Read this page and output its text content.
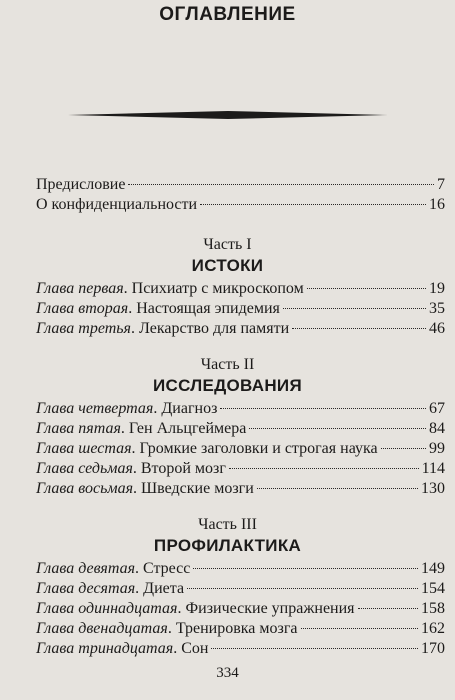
ОГЛАВЛЕНИЕ
Предисловие	7
О конфиденциальности	16
Часть I
ИСТОКИ
Глава первая. Психиатр с микроскопом	19
Глава вторая. Настоящая эпидемия	35
Глава третья. Лекарство для памяти	46
Часть II
ИССЛЕДОВАНИЯ
Глава четвертая. Диагноз	67
Глава пятая. Ген Альцгеймера	84
Глава шестая. Громкие заголовки и строгая наука	99
Глава седьмая. Второй мозг	114
Глава восьмая. Шведские мозги	130
Часть III
ПРОФИЛАКТИКА
Глава девятая. Стресс	149
Глава десятая. Диета	154
Глава одиннадцатая. Физические упражнения	158
Глава двенадцатая. Тренировка мозга	162
Глава тринадцатая. Сон	170
334
